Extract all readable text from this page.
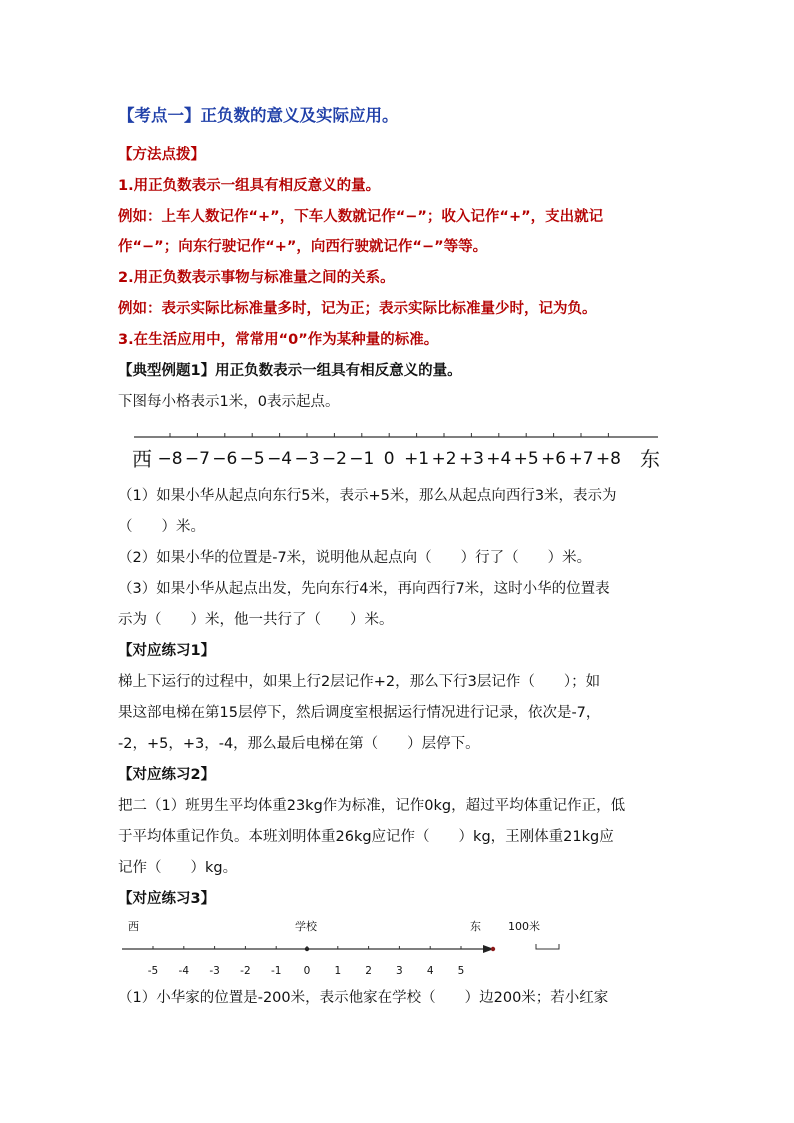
【考点一】正负数的意义及实际应用。
【方法点拨】
1.用正负数表示一组具有相反意义的量。
例如：上车人数记作“+”，下车人数就记作“−”；收入记作“+”，支出就记
作“−”；向东行驶记作“+”，向西行驶就记作“−”等等。
2.用正负数表示事物与标准量之间的关系。
例如：表示实际比标准量多时，记为正；表示实际比标准量少时，记为负。
3.在生活应用中，常常用“0”作为某种量的标准。
【典型例题1】用正负数表示一组具有相反意义的量。
下图每小格表示1米，0表示起点。
西 −8 −7 −6 −5 −4 −3 −2 −1 0 +1 +2 +3 +4 +5 +6 +7 +8 东
（1）如果小华从起点向东行5米，表示+5米，那么从起点向西行3米，表示为
（　　）米。
（2）如果小华的位置是-7米，说明他从起点向（　　）行了（　　）米。
（3）如果小华从起点出发，先向东行4米，再向西行7米，这时小华的位置表
示为（　　）米，他一共行了（　　）米。
【对应练习1】
梯上下运行的过程中，如果上行2层记作+2，那么下行3层记作（　　）；如
果这部电梯在第15层停下，然后调度室根据运行情况进行记录，依次是-7，
-2，+5，+3，-4，那么最后电梯在第（　　）层停下。
【对应练习2】
把二（1）班男生平均体重23kg作为标准，记作0kg，超过平均体重记作正，低
于平均体重记作负。本班刘明体重26kg应记作（　　）kg，王刚体重21kg应
记作（　　）kg。
【对应练习3】
西	学校	东 100米
-5 -4 -3 -2 -1 0 1 2 3 4 5
（1）小华家的位置是-200米，表示他家在学校（　　）边200米；若小红家
